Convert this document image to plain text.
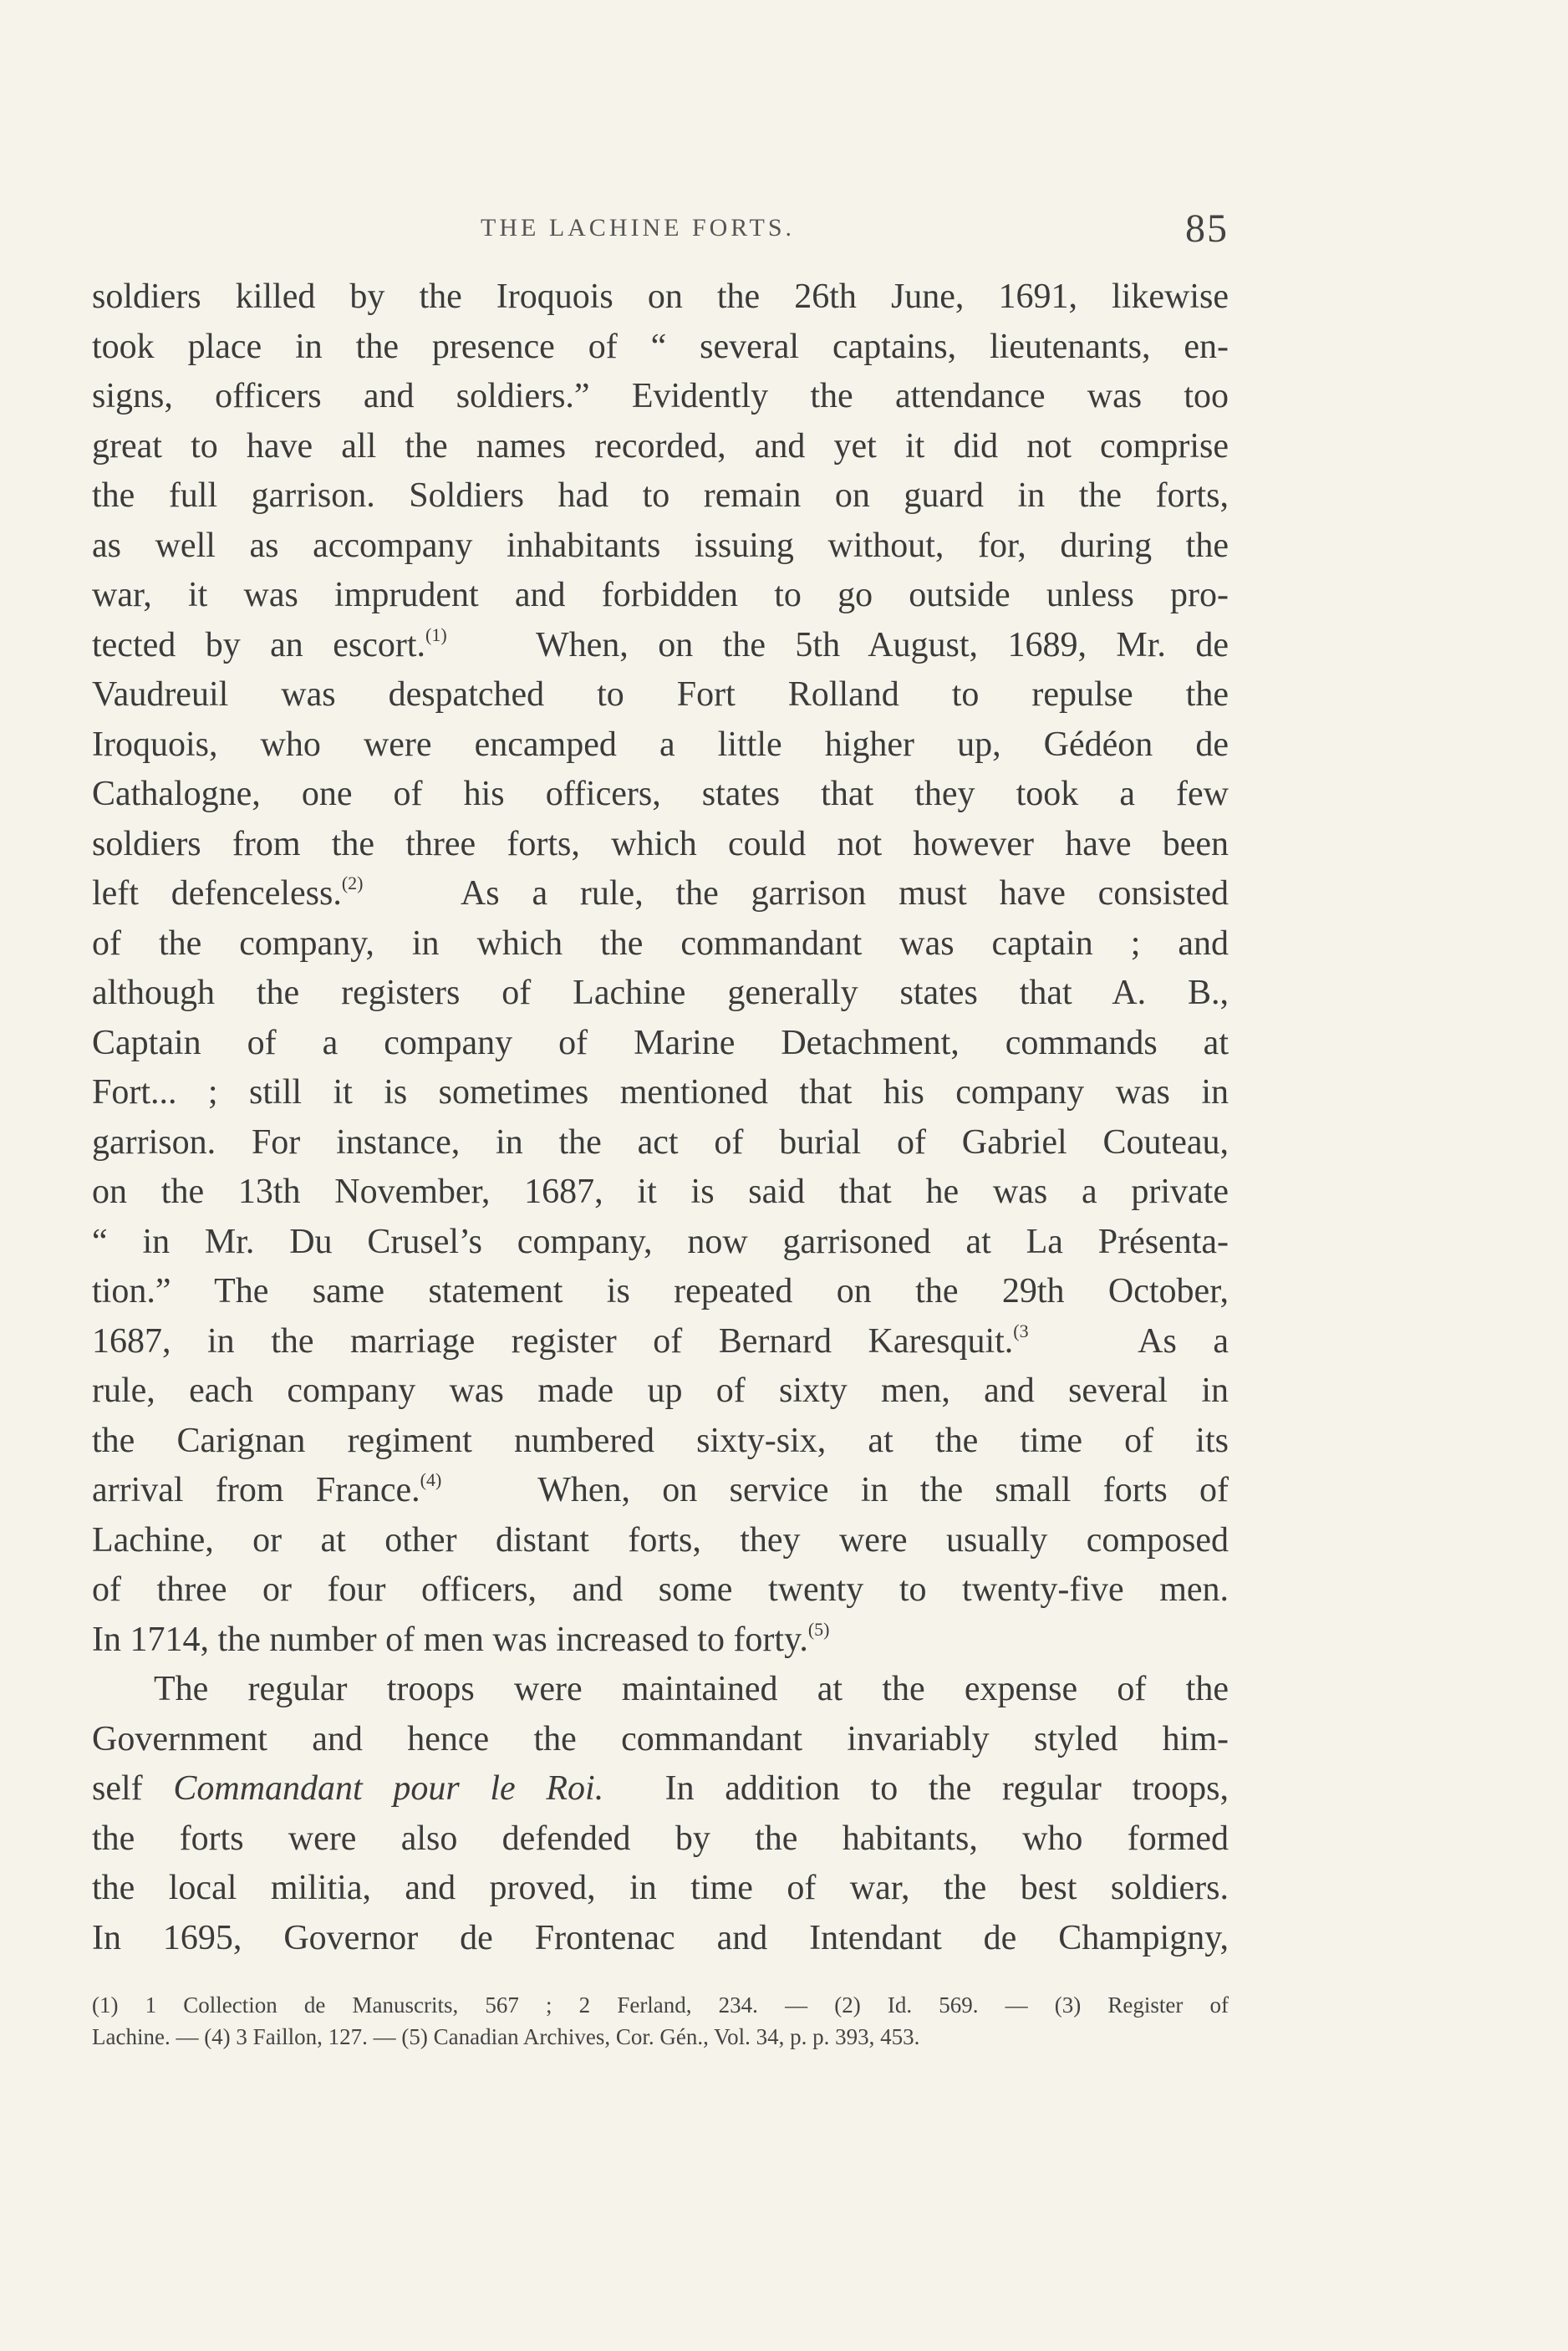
THE LACHINE FORTS.	85
soldiers killed by the Iroquois on the 26th June, 1691, likewise
took place in the presence of “ several captains, lieutenants, en-
signs, officers and soldiers.” Evidently the attendance was too
great to have all the names recorded, and yet it did not comprise
the full garrison. Soldiers had to remain on guard in the forts,
as well as accompany inhabitants issuing without, for, during the
war, it was imprudent and forbidden to go outside unless pro-
tected by an escort.$^{(1)}$	When, on the 5th August, 1689, Mr. de
Vaudreuil was despatched to Fort Rolland to repulse the
Iroquois, who were encamped a little higher up, Gédéon de
Cathalogne, one of his officers, states that they took a few
soldiers from the three forts, which could not however have been
left defenceless.$^{(2)}$	As a rule, the garrison must have consisted
of the company, in which the commandant was captain ; and
although the registers of Lachine generally states that A. B.,
Captain of a company of Marine Detachment, commands at
Fort... ; still it is sometimes mentioned that his company was in
garrison. For instance, in the act of burial of Gabriel Couteau,
on the 13th November, 1687, it is said that he was a private
“ in Mr. Du Crusel’s company, now garrisoned at La Présenta-
tion.” The same statement is repeated on the 29th October,
1687, in the marriage register of Bernard Karesquit.$^{(3}$	As a
rule, each company was made up of sixty men, and several in
the Carignan regiment numbered sixty-six, at the time of its
arrival from France.$^{(4)}$	When, on service in the small forts of
Lachine, or at other distant forts, they were usually composed
of three or four officers, and some twenty to twenty-five men.
In 1714, the number of men was increased to forty.$^{(5)}$
The regular troops were maintained at the expense of the
Government and hence the commandant invariably styled him-
self Commandant pour le Roi. In addition to the regular troops,
the forts were also defended by the habitants, who formed
the local militia, and proved, in time of war, the best soldiers.
In 1695, Governor de Frontenac and Intendant de Champigny,
(1) 1 Collection de Manuscrits, 567 ; 2 Ferland, 234. — (2) Id. 569. — (3) Register of
Lachine. — (4) 3 Faillon, 127. — (5) Canadian Archives, Cor. Gén., Vol. 34, p. p. 393, 453.
